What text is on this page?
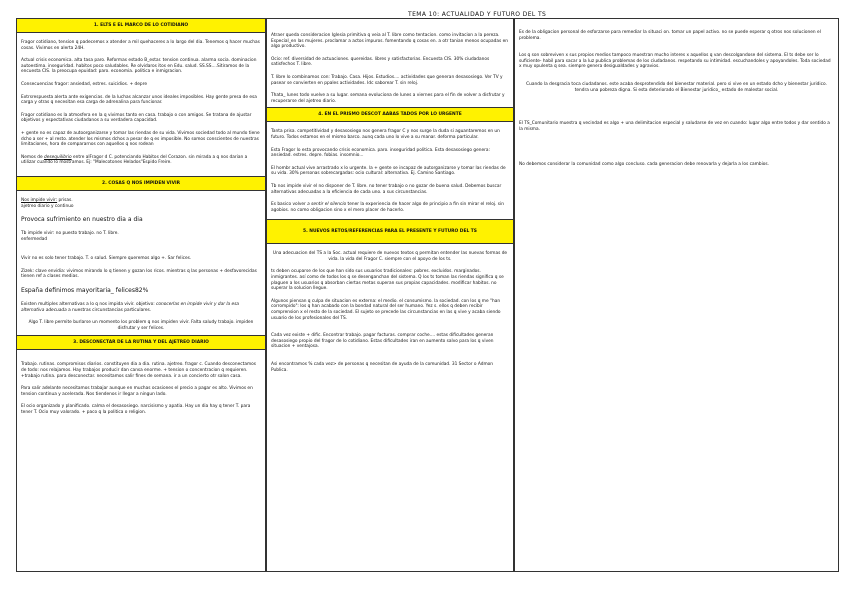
TEMA 10: ACTUALIDAD Y FUTURO DEL TS
1. ELTS E EL MARCO DE LO COTIDIANO
Fragor cotidiano, tension q padecemos x atender a mil quehaceres a lo largo del dia. Tenemos q hacer muchas cosas. Vivimos en alerta 24H.
Actual crisis economica. alta tasa paro. Reformas estado B_estar. tension continua. alarma socia. dominacion autoestima. inseguridad. habitos poco saludables. Re olvidaros itos en Edu. salud. SS.SS....Sitiramos de la encuesta CIS. la preocupa epuidad: paro. economia. politica e inmigracion.
Consecuencias fragor: ansiedad, estres. suicidios. + depre
Extrsrespuesta alerta ante exigencias. de la luchas alcanzar unos ideales imposibles. Hay gente presa de esa carga y otras q necesitan esa carga de adrenalina para funcionar.
Fragor cotidiano es la atmosfera en la q vivimos tanto en casa. trabajo o con amigos. Se tratana de ajustar objetivos y espectativas ciudadanos a su verdadera capacidad.
+ gente no es capaz de autoorganizarse y tomar las riendas de su vida. Vivimos sociedad todo al mundo tiene dcho a ser + al resto. atender los mismos dchos a pesar de q es imposible. No somos conscientes de nuestras limitaciones, hora de compararnos con aquellos q nos rodean
Nemos de desequilibrio entre alFragor d C. potenciando Habitos del Corazon. sin mirada a q nos darian a utilizar cuando lo mostramos. Ej: "Malecotones Helados"Espido Freire.
2. COSAS Q NOS IMPIDEN VIVIR
Nos impide vivir: prisas.
ajetreo diario y continuo
Provoca sufrimiento en nuestro dia a dia
Tb impide vivir: no puesto trabajo. no T. libre.
enfermedad
Vivir no es solo tener trabajo. T. o salud. Siempre queremos algo +. Sar felices.
Zizek: clave envidia: vivimos mirando lo q tienen y gozan los ricos. mientras q las personas + desfavorecidas tienen ref a clases medias.
España definimos mayoritaria_ felices82%
Existen multiples alternativas a lo q nos impida vivir. objetivo: conocerlas en impide vivir y dar la esa alternativa adecuada a nuestras circunstancias particulares.
Algo T. libre permite burlarse un momento los problem q nos impiden vivir. Falta saludy trabajo. impiden disfrutar y ser felices.
3. DESCONECTAR DE LA RUTINA Y DEL AJETREO DIARIO
Trabajo. rutinas. compromisos diarios. constituyen dia a dia. rutina. ajetreo. fragor c. Cuando desconectamos de todo: nos relajamos. Hay trabajos producir dan cansa enorme. + tension o concentracion q requieren. +trabajo rutina. para desconectar. necesitamos salir fines de semana. ir a un concierto otr salon casa.
Para salir adelante necesitamos trabajar aunque en muchas ocasiones el precio a pagar es alto. Vivimos en tension continua y acelerada. Nos tiendenos ir llegar a ningun lado.
El ocio organizado y planificado. calma el desasosiego. narcisismo y apatia. Hay un dia hay q tener T. para tener T. Ocio muy valorado. + paco q la politica o religion.
Atraer queda consideracion Iglesia primitiva q veia al T. libre como tentacion. como invitacion a la pereza. Especial_en las mujeres. proclamar a actos impuros. fomentando q cosas en. a otr tanian menos ocupadas en algo productivo.
Ocio: ref. diversidad de actuaciones. quereidas. libres y satisfactorias. Encuesta CIS. 30% ciudadanos satisfechos T. libre.
T. libre lo combinamos con: Trabajo. Casa. Hijos. Estudios.... actividades que generan desasosiego. Ver TV y pasear se convierten en ppales actividades. Idc saborear T. sin reloj.
Thata_ lunes todo vuelve a su lugar. semana evoluciona de lunes a viernes para el fin de volver a disfrutar y recuperarse del ajetreo diario.
4. EN EL PRISMO DESCOT AABAS TADOS POR LO URGENTE
Tanta prisa. competitividad y desasosiego nos genera fragor C y nos surge la duda si aguantaremos en un futuro. Todos estamos en el mismo barco. aunq cada uno lo vive a su manar. deforma particular.
Esta Fragor lo esta provocando crisis economica. paro. inseguridad politica. Esta desasosiego genera: ansiedad. estres. depre. fobias. insomnio...
El hombr actual vive arrastrado x lo urgente. la + gente se incapaz de autorganizarse y tomar las riendas de su vida. 30% personas sobrecargadas: ocio cultural: alternativa. Ej. Camino Santiago.
Tb nos impide vivir el no disponer de T. libre. no tener trabajo o no gozar de buena salud. Debemos buscar alternativas adecuadas a la eficiencia de cada uno. a sus circunstancias.
Es basico volver a sentir el silencio tener la experiencia de hacer algo de principio a fin sin mirar el reloj. sin agobios. no como obligacion sino x el mero placer de hacerlo.
5. NUEVOS RETOS/REFERENCIAS PARA EL PRESENTE Y FUTURO DEL TS
Una adecuacion del TS a la Soc. actual requiere de nuevos textos q permitan entender las nuevas formas de vida. la vida del Fragor C. siempre con el apoyo de los ts.
ts deben ocuparse de los que han sido sus usuarios tradicionales: pobres. excluidos. marginados. inmigrantes. así como de todos los q se desenganchan del sistema. Q los ts toman las riendas significa q se plaguen a los usuarios q absorban ciertas metas superan sus propias capacidades. modificar habitos. no superar la solucion llegue.
Algunos piensan q culpa de situacion es externa: el medio. el consumismo. la sociedad. con los q me "han corrompido": los q han acabado con la bondad natural del ser humano. Yez s. ellos q deben recibir comprension x el resto de la sociedad. El sujeto se precede las circunstancias en las q vive y acaba siendo usuario de los profesionales del TS.
Cada vez existe + dific. Encontrar trabajo. pagar facturas. comprar coche.... estas dificultades generan desasosiego propio del fragor de lo cotidiano. Estas dificultades iran en aumento salvo para los q viven situacion + ventajosa.
Asi encontramos % cada vez> de personas q necesitan de ayuda de la comunidad. 31 Sector o Admon Publica.
Es de la obligacion personal de esforzarse para remediar la situaci on. tomar un papel activo. no se puede esperar q otros nos solucionen el problema.
Los q son sobreviven x sus propios medios tampoco muestran mucho interes x aquellos q van descolgandose del sistema. El ts debe ser lo suficiente- habil para sacar a la luz publica problemas de los ciudadanos. respetando su intimidad. escuchandoles y apoyandoles. Toda sociedad x muy opulenta q sea. siempre genera desigualdades y agravios.
Cuando la desgracia toca ciudadanos. este acaba desprotendido del bienestar material. pero si vive en un estado dcho y bienestar juridico. tendra una pobreza digna. Si esta deteriorado el Bienestar juridico_ estado de malestar social.
El TS_Comunitario muestra q vecindad es algo + una delimitacion especial y saludarse de vez en cuando: lugar algo entre todos y dar sentido a la misma.
No debemos considerar la comunidad como algo concluso. cada generacion debe renovarla y dejarla a los cambios.
